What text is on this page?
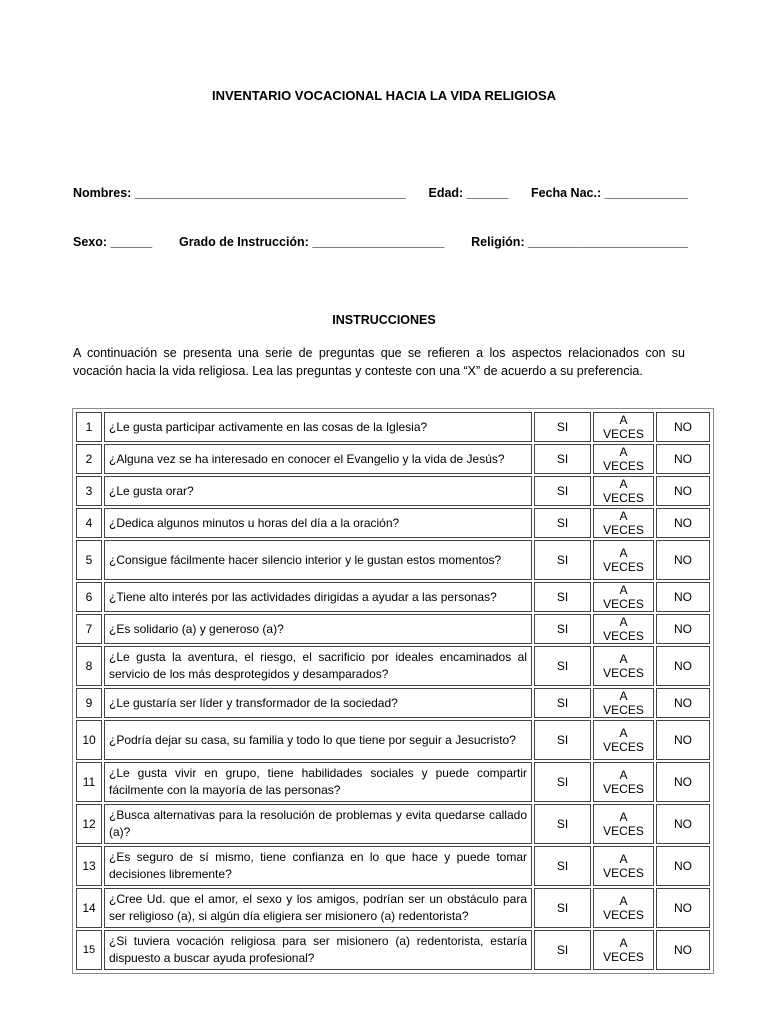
INVENTARIO VOCACIONAL HACIA LA VIDA RELIGIOSA
Nombres: _______________________________________ Edad: ______ Fecha Nac.: ____________
Sexo: ______ Grado de Instrucción: ___________________ Religión: _______________________
INSTRUCCIONES
A continuación se presenta una serie de preguntas que se refieren a los aspectos relacionados con su vocación hacia la vida religiosa. Lea las preguntas y conteste con una “X” de acuerdo a su preferencia.
1	¿Le gusta participar activamente en las cosas de la Iglesia?	SI	A VECES	NO
2	¿Alguna vez se ha interesado en conocer el Evangelio y la vida de Jesús?	SI	A VECES	NO
3	¿Le gusta orar?	SI	A VECES	NO
4	¿Dedica algunos minutos u horas del día a la oración?	SI	A VECES	NO
5	¿Consigue fácilmente hacer silencio interior y le gustan estos momentos?	SI	A VECES	NO
6	¿Tiene alto interés por las actividades dirigidas a ayudar a las personas?	SI	A VECES	NO
7	¿Es solidario (a) y generoso (a)?	SI	A VECES	NO
8	¿Le gusta la aventura, el riesgo, el sacrificio por ideales encaminados al servicio de los más desprotegidos y desamparados?	SI	A VECES	NO
9	¿Le gustaría ser líder y transformador de la sociedad?	SI	A VECES	NO
10	¿Podría dejar su casa, su familia y todo lo que tiene por seguir a Jesucristo?	SI	A VECES	NO
11	¿Le gusta vivir en grupo, tiene habilidades sociales y puede compartir fácilmente con la mayoría de las personas?	SI	A VECES	NO
12	¿Busca alternativas para la resolución de problemas y evita quedarse callado (a)?	SI	A VECES	NO
13	¿Es seguro de sí mismo, tiene confianza en lo que hace y puede tomar decisiones libremente?	SI	A VECES	NO
14	¿Cree Ud. que el amor, el sexo y los amigos, podrían ser un obstáculo para ser religioso (a), si algún día eligiera ser misionero (a) redentorista?	SI	A VECES	NO
15	¿Si tuviera vocación religiosa para ser misionero (a) redentorista, estaría dispuesto a buscar ayuda profesional?	SI	A VECES	NO
